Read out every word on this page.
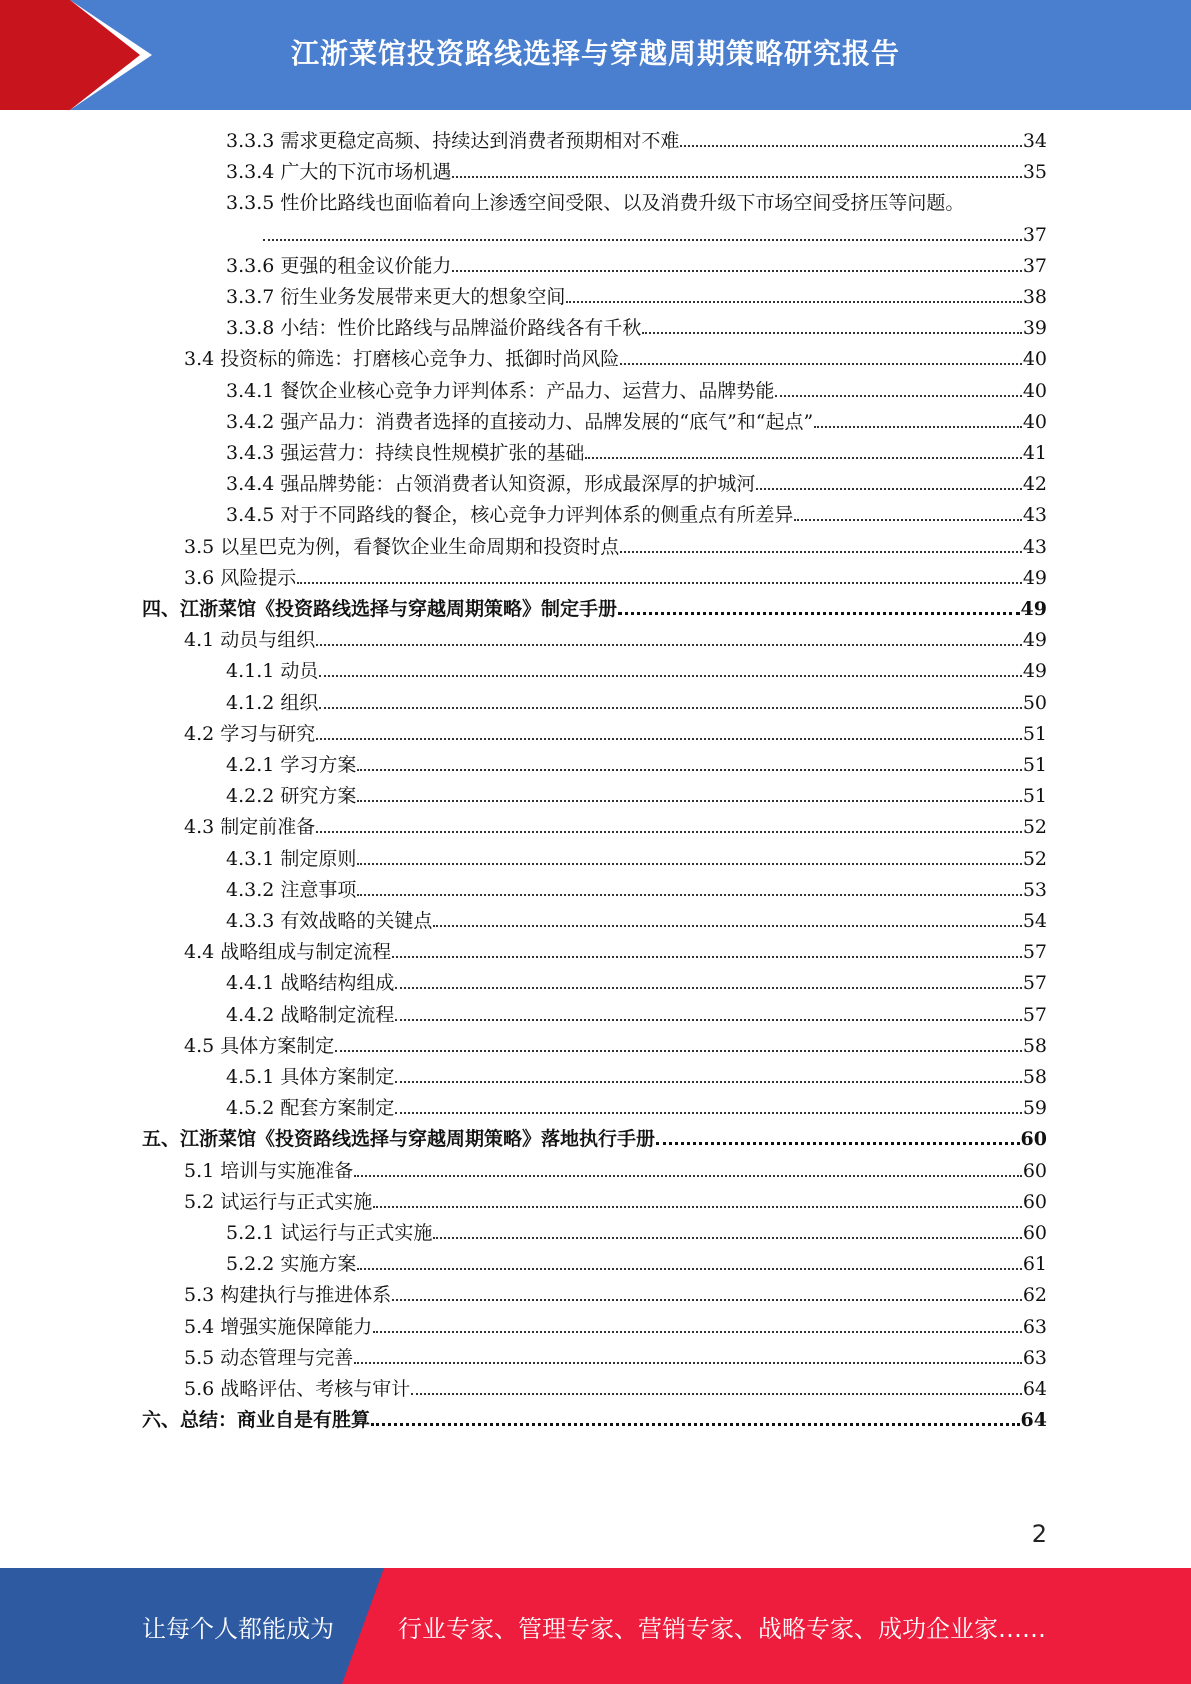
江浙菜馆投资路线选择与穿越周期策略研究报告
3.3.3 需求更稳定高频、持续达到消费者预期相对不难	34
3.3.4 广大的下沉市场机遇	35
3.3.5 性价比路线也面临着向上渗透空间受限、以及消费升级下市场空间受挤压等问题。
37
3.3.6 更强的租金议价能力	37
3.3.7 衍生业务发展带来更大的想象空间	38
3.3.8 小结：性价比路线与品牌溢价路线各有千秋	39
3.4 投资标的筛选：打磨核心竞争力、抵御时尚风险	40
3.4.1 餐饮企业核心竞争力评判体系：产品力、运营力、品牌势能	40
3.4.2 强产品力：消费者选择的直接动力、品牌发展的“底气”和“起点”	40
3.4.3 强运营力：持续良性规模扩张的基础	41
3.4.4 强品牌势能：占领消费者认知资源，形成最深厚的护城河	42
3.4.5 对于不同路线的餐企，核心竞争力评判体系的侧重点有所差异	43
3.5 以星巴克为例，看餐饮企业生命周期和投资时点	43
3.6 风险提示	49
四、江浙菜馆《投资路线选择与穿越周期策略》制定手册	49
4.1 动员与组织	49
4.1.1 动员	49
4.1.2 组织	50
4.2 学习与研究	51
4.2.1 学习方案	51
4.2.2 研究方案	51
4.3 制定前准备	52
4.3.1 制定原则	52
4.3.2 注意事项	53
4.3.3 有效战略的关键点	54
4.4 战略组成与制定流程	57
4.4.1 战略结构组成	57
4.4.2 战略制定流程	57
4.5 具体方案制定	58
4.5.1 具体方案制定	58
4.5.2 配套方案制定	59
五、江浙菜馆《投资路线选择与穿越周期策略》落地执行手册	60
5.1 培训与实施准备	60
5.2 试运行与正式实施	60
5.2.1 试运行与正式实施	60
5.2.2 实施方案	61
5.3 构建执行与推进体系	62
5.4 增强实施保障能力	63
5.5 动态管理与完善	63
5.6 战略评估、考核与审计	64
六、总结：商业自是有胜算	64
2
让每个人都能成为	行业专家、管理专家、营销专家、战略专家、成功企业家……
